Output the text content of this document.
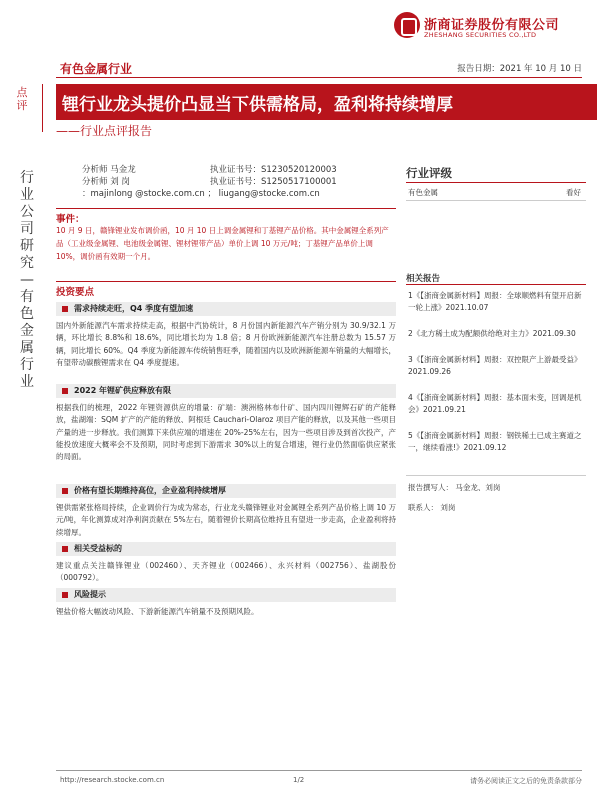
浙商证券股份有限公司
ZHESHANG SECURITIES CO.,LTD
有色金属行业	报告日期：2021 年 10 月 10 日
点评 锂行业龙头提价凸显当下供需格局，盈利将持续增厚
——行业点评报告
行业公司研究—有色金属行业
分析师 马金龙	执业证书号：S1230520120003
分析师 刘 岗	执业证书号：S1250517100001
：majinlong @stocke.com.cn ； liugang@stocke.com.cn
行业评级
有色金属	看好
相关报告
1《【浙商金属新材料】周报：全球顺燃料有望开启新一轮上涨》2021.10.07
2《北方稀土成为配额供给绝对主力》2021.09.30
3《【浙商金属新材料】周报：双控限产上游最受益》2021.09.26
4《【浙商金属新材料】周报：基本面未变，回调是机会》2021.09.21
5《【浙商金属新材料】周报：钢铁稀土已成主赛道之一，继续看涨!》2021.09.12
报告撰写人： 马金龙、刘岗
联系人： 刘岗
事件：
10 月 9 日，赣锋锂业发布调价函，10 月 10 日上调金属锂和丁基锂产品价格。其中金属锂全系列产品（工业级金属锂、电池级金属锂、锂材锂带产品）单价上调 10 万元/吨；丁基锂产品单价上调 10%，调价函有效期一个月。
投资要点
需求持续走旺，Q4 季度有望加速
国内外新能源汽车需求持续走高，根据中汽协统计，8 月份国内新能源汽车产销分别为 30.9/32.1 万辆，环比增长 8.8%和 18.6%，同比增长均为 1.8 倍；8 月份欧洲新能源汽车注册总数为 15.57 万辆，同比增长 60%。Q4 季度为新能源车传统销售旺季，随着国内以及欧洲新能源车销量的大幅增长，有望带动碳酸锂需求在 Q4 季度提速。
2022 年锂矿供应释放有限
根据我们的梳理，2022 年锂资源供应的增量：矿端：澳洲格林布什矿、国内四川锂辉石矿的产能释放，盐湖端：SQM 扩产的产能的释放、阿根廷 Cauchari-Olaroz 项目产能的释放，以及其他一些项目产量的进一步释放。我们测算下来供应端的增速在 20%-25%左右，因为一些项目涉及到首次投产，产能投放速度大概率会不及预期，同时考虑到下游需求 30%以上的复合增速，锂行业仍然面临供应紧张的局面。
价格有望长期维持高位，企业盈利持续增厚
锂供需紧张格局持续，企业调价行为成为常态，行业龙头赣锋锂业对金属锂全系列产品价格上调 10 万元/吨，年化测算成对净利润贡献在 5%左右，随着锂价长期高位维持且有望进一步走高，企业盈利将持续增厚。
相关受益标的
建议重点关注赣锋锂业（002460）、天齐锂业（002466）、永兴材料（002756）、盐湖股份（000792）。
风险提示
锂盐价格大幅波动风险、下游新能源汽车销量不及预期风险。
http://research.stocke.com.cn	1/2	请务必阅读正文之后的免责条款部分
